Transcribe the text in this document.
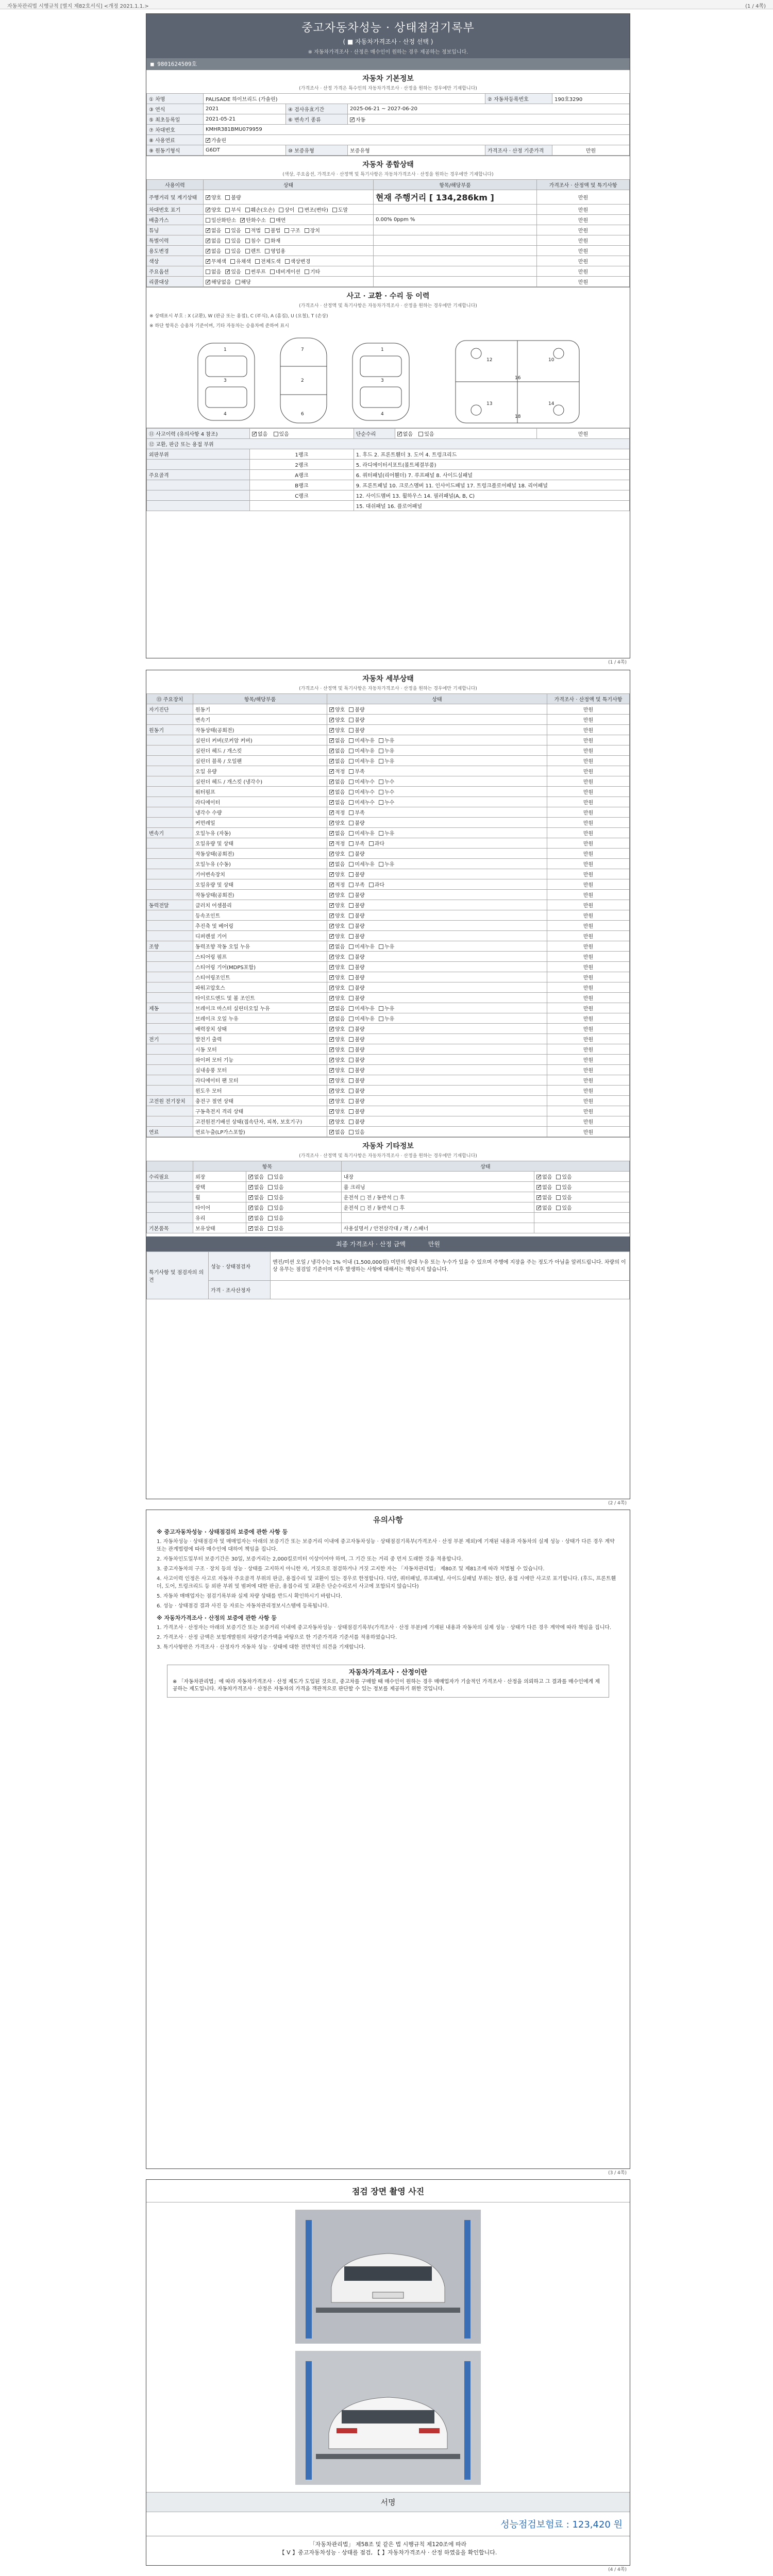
자동차관리법 시행규칙 [별지 제82호서식] <개정 2021.1.1.>	(1 / 4쪽)
중고자동차성능 · 상태점검기록부
( ■ 자동차가격조사 · 산정 선택 )
※ 자동차가격조사 · 산정은 매수인이 원하는 경우 제공하는 정보입니다.
■ 9801624509호
자동차 기본정보
(가격조사 · 산정 가격은 특수인의 자동차가격조사 · 산정을 원하는 경우에만 기재합니다)
① 차명	PALISADE 하이브리드 (가솔린)			② 자동차등록번호	190호3290
③ 연식	2021	④ 검사유효기간	2025-06-21 ~ 2027-06-20		
⑤ 최초등록일	2021-05-21	⑥ 변속기 종류	✓자동
⑦ 차대번호	KMHR381BMU079959				
⑧ 사용연료	✓가솔린
⑨ 원동기형식	G6DT	⑩ 보증유형	보증유형	가격조사 · 산정 기준가격	만원
자동차 종합상태
(색상, 주요옵션, 가격조사 · 산정액 및 특기사항은 자동차가격조사 · 산정을 원하는 경우에만 기재합니다)
사용이력	상태	항목/해당부품	가격조사 · 산정액 및 특기사항
주행거리 및 계기상태	✓양호 불량	현재 주행거리 [ 134,286km ]	만원
차대번호 표기	✓양호 부식 훼손(오손) 상이 변조(변타) 도말		만원
배출가스	일산화탄소 ✓ 탄화수소 매연	0.00% 0ppm %	만원
튜닝	✓없음 있음 적법 불법 구조 장치		만원
특별이력	✓없음 있음 침수 화재		만원
용도변경	✓없음 있음 렌트 영업용		만원
색상	✓무채색 유채색 전체도색 색상변경		만원
주요옵션	없음 ✓ 있음 썬루프 네비게이션 기타		만원
리콜대상	✓해당없음 해당		만원
사고 · 교환 · 수리 등 이력
(가격조사 · 산정액 및 특기사항은 자동차가격조사 · 산정을 원하는 경우에만 기재합니다)
※ 상태표시 부호 : X (교환), W (판금 또는 용접), C (부식), A (흠집), U (요철), T (손상)
※ 하단 항목은 승용차 기준이며, 기타 자동차는 승용차에 준하여 표시
1	7	1
3	2	3
4	6	4
12	10
16
13	14
18
⑪ 사고이력 (유의사항 4 참조)	✓없음 있음	단순수리	✓없음 있음	만원
⑫ 교환, 판금 또는 용접 부위				
외판부위	1랭크	1. 후드 2. 프론트휀더 3. 도어 4. 트렁크리드		
	2랭크	5. 라디에이터서포트(볼트체결부품)		
주요골격	A랭크	6. 쿼터패널(리어휀더) 7. 루프패널 8. 사이드실패널		
	B랭크	9. 프론트패널 10. 크로스멤버 11. 인사이드패널 17. 트렁크플로어패널 18. 리어패널		
	C랭크	12. 사이드멤버 13. 휠하우스 14. 필러패널(A, B, C)		
		15. 대쉬패널 16. 플로어패널		
(1 / 4쪽)
자동차 세부상태
(가격조사 · 산정액 및 특기사항은 자동차가격조사 · 산정을 원하는 경우에만 기재합니다)
⑬ 주요장치	항목/해당부품	상태	가격조사 · 산정액 및 특기사항
자기진단	원동기	✓양호 불량	만원
	변속기	✓양호 불량	만원
원동기	작동상태(공회전)	✓양호 불량	만원
	실린더 커버(로커암 커버)	✓없음 미세누유 누유	만원
	실린더 헤드 / 개스킷	✓없음 미세누유 누유	만원
	실린더 블록 / 오일팬	✓없음 미세누유 누유	만원
	오일 유량	✓적정 부족	만원
	실린더 헤드 / 개스킷 (냉각수)	✓없음 미세누수 누수	만원
	워터펌프	✓없음 미세누수 누수	만원
	라디에이터	✓없음 미세누수 누수	만원
	냉각수 수량	✓적정 부족	만원
	커먼레일	✓양호 불량	만원
변속기	오일누유 (자동)	✓없음 미세누유 누유	만원
	오일유량 및 상태	✓적정 부족 과다	만원
	작동상태(공회전)	✓양호 불량	만원
	오일누유 (수동)	✓없음 미세누유 누유	만원
	기어변속장치	✓양호 불량	만원
	오일유량 및 상태	✓적정 부족 과다	만원
	작동상태(공회전)	✓양호 불량	만원
동력전달	클러치 어셈블리	✓양호 불량	만원
	등속조인트	✓양호 불량	만원
	추진축 및 베어링	✓양호 불량	만원
	디퍼렌셜 기어	✓양호 불량	만원
조향	동력조향 작동 오일 누유	✓없음 미세누유 누유	만원
	스티어링 펌프	✓양호 불량	만원
	스티어링 기어(MDPS포함)	✓양호 불량	만원
	스티어링조인트	✓양호 불량	만원
	파워고압호스	✓양호 불량	만원
	타이로드엔드 및 볼 조인트	✓양호 불량	만원
제동	브레이크 마스터 실린더오일 누유	✓없음 미세누유 누유	만원
	브레이크 오일 누유	✓없음 미세누유 누유	만원
	배력장치 상태	✓양호 불량	만원
전기	발전기 출력	✓양호 불량	만원
	시동 모터	✓양호 불량	만원
	와이퍼 모터 기능	✓양호 불량	만원
	실내송풍 모터	✓양호 불량	만원
	라디에이터 팬 모터	✓양호 불량	만원
	윈도우 모터	✓양호 불량	만원
고전원 전기장치	충전구 절연 상태	✓양호 불량	만원
	구동축전지 격리 상태	✓양호 불량	만원
	고전원전기배선 상태(접속단자, 피복, 보호기구)	✓양호 불량	만원
연료	연료누출(LP가스포함)	✓없음 있음	만원
자동차 기타정보
(가격조사 · 산정액 및 특기사항은 자동차가격조사 · 산정을 원하는 경우에만 기재합니다)
	항목		상태	
수리필요	외장	✓없음 있음	내장	✓없음 있음
	광택	✓없음 있음	룸 크리닝	✓없음 있음
	휠	✓없음 있음	운전석 □ 전 / 동반석 □ 후	✓없음 있음
	타이어	✓없음 있음	운전석 □ 전 / 동반석 □ 후	✓없음 있음
	유리	✓없음 있음		
기본품목	보유상태	✓없음 있음	사용설명서 / 안전삼각대 / 잭 / 스패너	
최종 가격조사 · 산정 금액	만원
특기사항 및 점검자의 의견	성능 · 상태점검자	엔진/미션 오일 / 냉각수는 1% 이내 (1,500,000원) 미만의 상대 누유 또는 누수가 있을 수 있으며 주행에 지장을 주는 정도가 아님을 알려드립니다. 차량의 이상 유무는 점검일 기준이며 이후 발생하는 사항에 대해서는 책임지지 않습니다.
	가격 · 조사산정자	
(2 / 4쪽)
유의사항
※ 중고자동차성능 · 상태점검의 보증에 관한 사항 등

1. 자동차성능 · 상태점검자 및 매매업자는 아래의 보증기간 또는 보증거리 이내에 중고자동차성능 · 상태점검기록부(가격조사 · 산정 부분 제외)에 기재된 내용과 자동차의 실제 성능 · 상태가 다른 경우 계약 또는 관계법령에 따라 매수인에 대하여 책임을 집니다.

2. 자동차인도일부터 보증기간은 30일, 보증거리는 2,000킬로미터 이상이어야 하며, 그 기간 또는 거리 중 먼저 도래한 것을 적용합니다.

3. 중고자동차의 구조 · 장치 등의 성능 · 상태를 고지하지 아니한 자, 거짓으로 점검하거나 거짓 고지한 자는 「자동차관리법」 제80조 및 제81조에 따라 처벌될 수 있습니다.

4. 사고이력 인정은 사고로 자동차 주요골격 부위의 판금, 용접수리 및 교환이 있는 경우로 한정합니다. 다만, 쿼터패널, 루프패널, 사이드실패널 부위는 절단, 용접 시에만 사고로 표기합니다. (후드, 프론트휀더, 도어, 트렁크리드 등 외판 부위 및 범퍼에 대한 판금, 용접수리 및 교환은 단순수리로서 사고에 포함되지 않습니다)

5. 자동차 매매업자는 점검기록부와 실제 차량 상태를 반드시 확인하시기 바랍니다.

6. 성능 · 상태점검 결과 사진 등 자료는 자동차관리정보시스템에 등록됩니다.

※ 자동차가격조사 · 산정의 보증에 관한 사항 등

1. 가격조사 · 산정자는 아래의 보증기간 또는 보증거리 이내에 중고자동차성능 · 상태점검기록부(가격조사 · 산정 부분)에 기재된 내용과 자동차의 실제 성능 · 상태가 다른 경우 계약에 따라 책임을 집니다.

2. 가격조사 · 산정 금액은 보험개발원의 차량기준가액을 바탕으로 한 기준가격과 기준서를 적용하였습니다.

3. 특기사항란은 가격조사 · 산정자가 자동차 성능 · 상태에 대한 전반적인 의견을 기재합니다.

자동차가격조사 · 산정이란
※ 「자동차관리법」에 따라 자동차가격조사 · 산정 제도가 도입된 것으로, 중고차를 구매할 때 매수인이 원하는 경우 매매업자가 기술적인 가격조사 · 산정을 의뢰하고 그 결과를 매수인에게 제공하는 제도입니다. 자동차가격조사 · 산정은 자동차의 가격을 객관적으로 판단할 수 있는 정보를 제공하기 위한 것입니다.
(3 / 4쪽)
점검 장면 촬영 사진
서명
성능점검보험료 : 123,420 원
「자동차관리법」 제58조 및 같은 법 시행규칙 제120조에 따라
【 V 】중고자동차성능 · 상태를 점검, 【 】자동차가격조사 · 산정 하였음을 확인합니다.
(4 / 4쪽)
